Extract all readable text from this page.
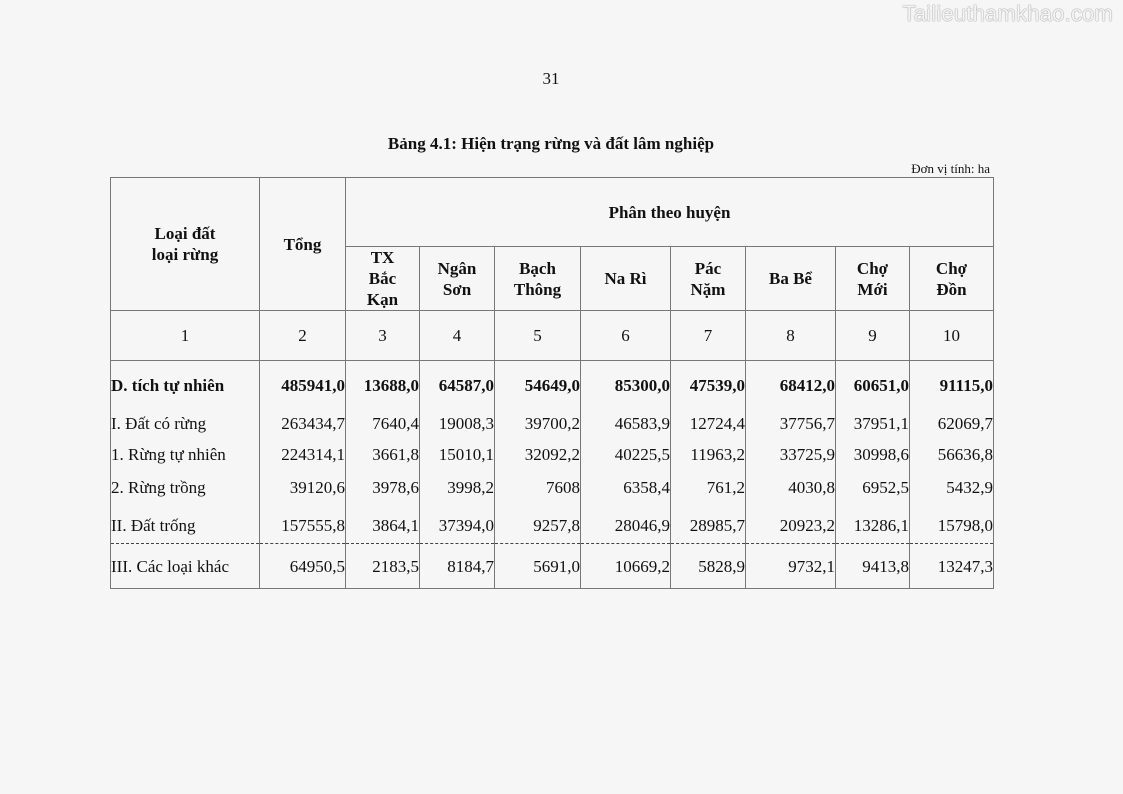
Tailieuthamkhao.com
31
Bảng 4.1: Hiện trạng rừng và đất lâm nghiệp
Đơn vị tính: ha
Loại đất loại rừng	Tổng	Phân theo huyện							
		TX Bắc Kạn	Ngân Sơn	Bạch Thông	Na Rì	Pác Nặm	Ba Bể	Chợ Mới	Chợ Đồn
1	2	3	4	5	6	7	8	9	10
D. tích tự nhiên	485941,0	13688,0	64587,0	54649,0	85300,0	47539,0	68412,0	60651,0	91115,0
I. Đất có rừng	263434,7	7640,4	19008,3	39700,2	46583,9	12724,4	37756,7	37951,1	62069,7
1. Rừng tự nhiên	224314,1	3661,8	15010,1	32092,2	40225,5	11963,2	33725,9	30998,6	56636,8
2. Rừng trồng	39120,6	3978,6	3998,2	7608	6358,4	761,2	4030,8	6952,5	5432,9
II. Đất trống	157555,8	3864,1	37394,0	9257,8	28046,9	28985,7	20923,2	13286,1	15798,0
III. Các loại khác	64950,5	2183,5	8184,7	5691,0	10669,2	5828,9	9732,1	9413,8	13247,3
